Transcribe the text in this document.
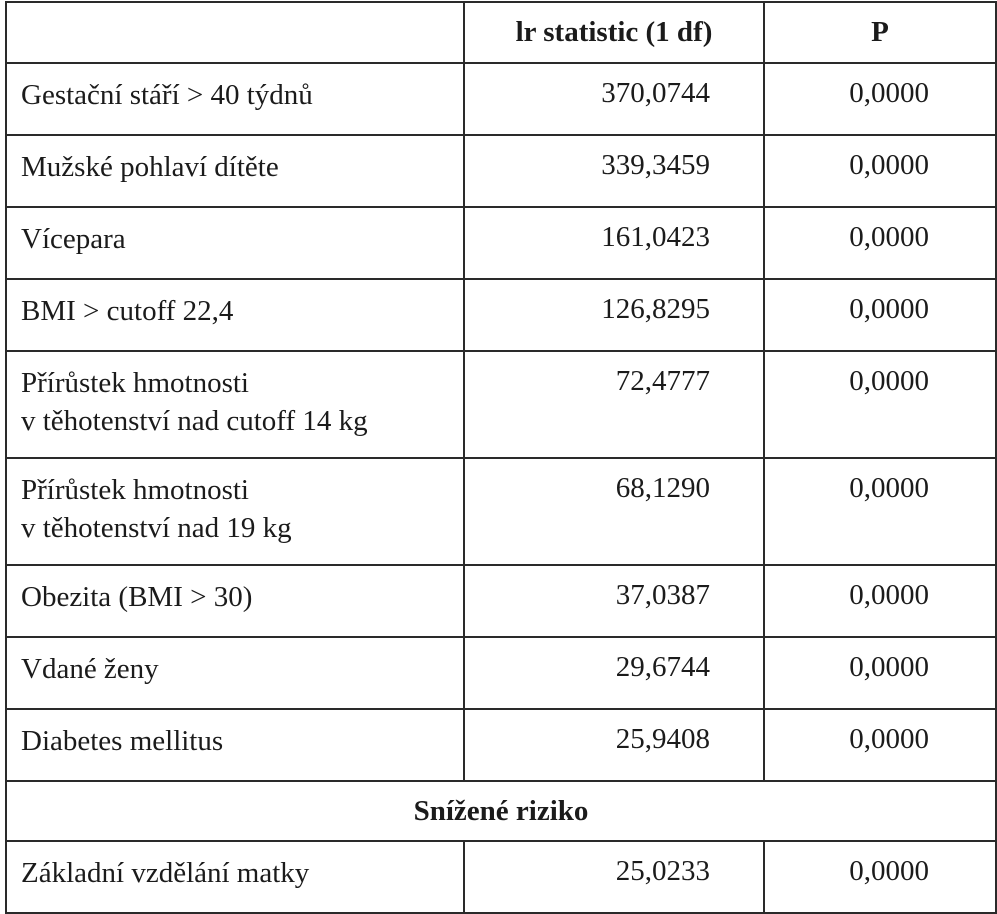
	lr statistic (1 df)	P

Gestační stáří > 40 týdnů	370,0744	0,0000

Mužské pohlaví dítěte	339,3459	0,0000

Vícepara	161,0423	0,0000

BMI > cutoff 22,4	126,8295	0,0000

Přírůstek hmotnosti
v těhotenství nad cutoff 14 kg	72,4777	0,0000

Přírůstek hmotnosti
v těhotenství nad 19 kg	68,1290	0,0000

Obezita (BMI > 30)	37,0387	0,0000

Vdané ženy	29,6744	0,0000

Diabetes mellitus	25,9408	0,0000
Snížené riziko		

Základní vzdělání matky	25,0233	0,0000
